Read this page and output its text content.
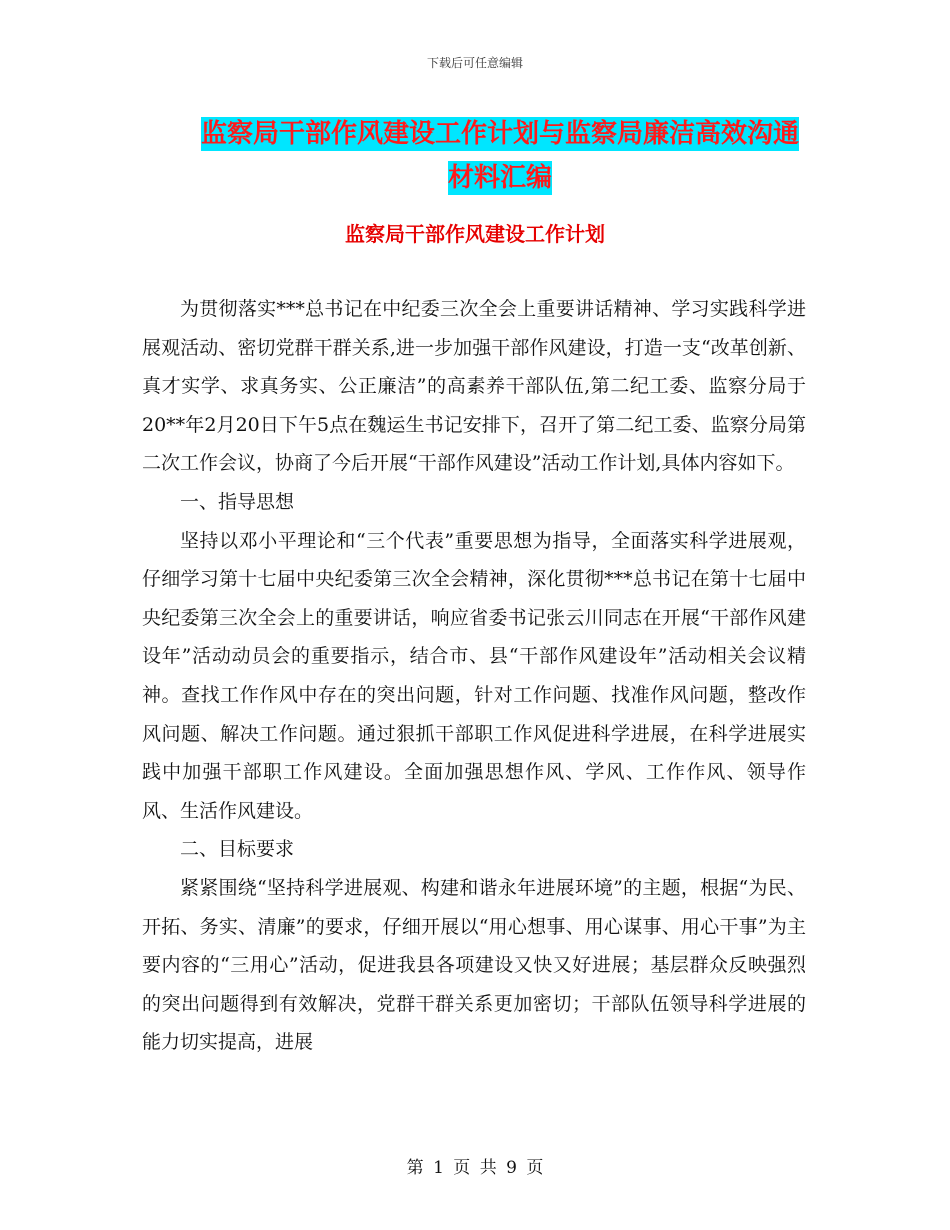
下载后可任意编辑
监察局干部作风建设工作计划与监察局廉洁高效沟通
材料汇编
监察局干部作风建设工作计划

为贯彻落实***总书记在中纪委三次全会上重要讲话精神、学习实践科学进展观活动、密切党群干群关系,进一步加强干部作风建设，打造一支“改革创新、真才实学、求真务实、公正廉洁”的高素养干部队伍,第二纪工委、监察分局于20**年2月20日下午5点在魏运生书记安排下，召开了第二纪工委、监察分局第二次工作会议，协商了今后开展“干部作风建设”活动工作计划,具体内容如下。

一、指导思想

坚持以邓小平理论和“三个代表”重要思想为指导，全面落实科学进展观，仔细学习第十七届中央纪委第三次全会精神，深化贯彻***总书记在第十七届中央纪委第三次全会上的重要讲话，响应省委书记张云川同志在开展“干部作风建设年”活动动员会的重要指示，结合市、县“干部作风建设年”活动相关会议精神。查找工作作风中存在的突出问题，针对工作问题、找准作风问题，整改作风问题、解决工作问题。通过狠抓干部职工作风促进科学进展，在科学进展实践中加强干部职工作风建设。全面加强思想作风、学风、工作作风、领导作风、生活作风建设。

二、目标要求

紧紧围绕“坚持科学进展观、构建和谐永年进展环境”的主题，根据“为民、开拓、务实、清廉”的要求，仔细开展以“用心想事、用心谋事、用心干事”为主要内容的“三用心”活动，促进我县各项建设又快又好进展；基层群众反映强烈的突出问题得到有效解决，党群干群关系更加密切；干部队伍领导科学进展的能力切实提高，进展

第 1 页 共 9 页
